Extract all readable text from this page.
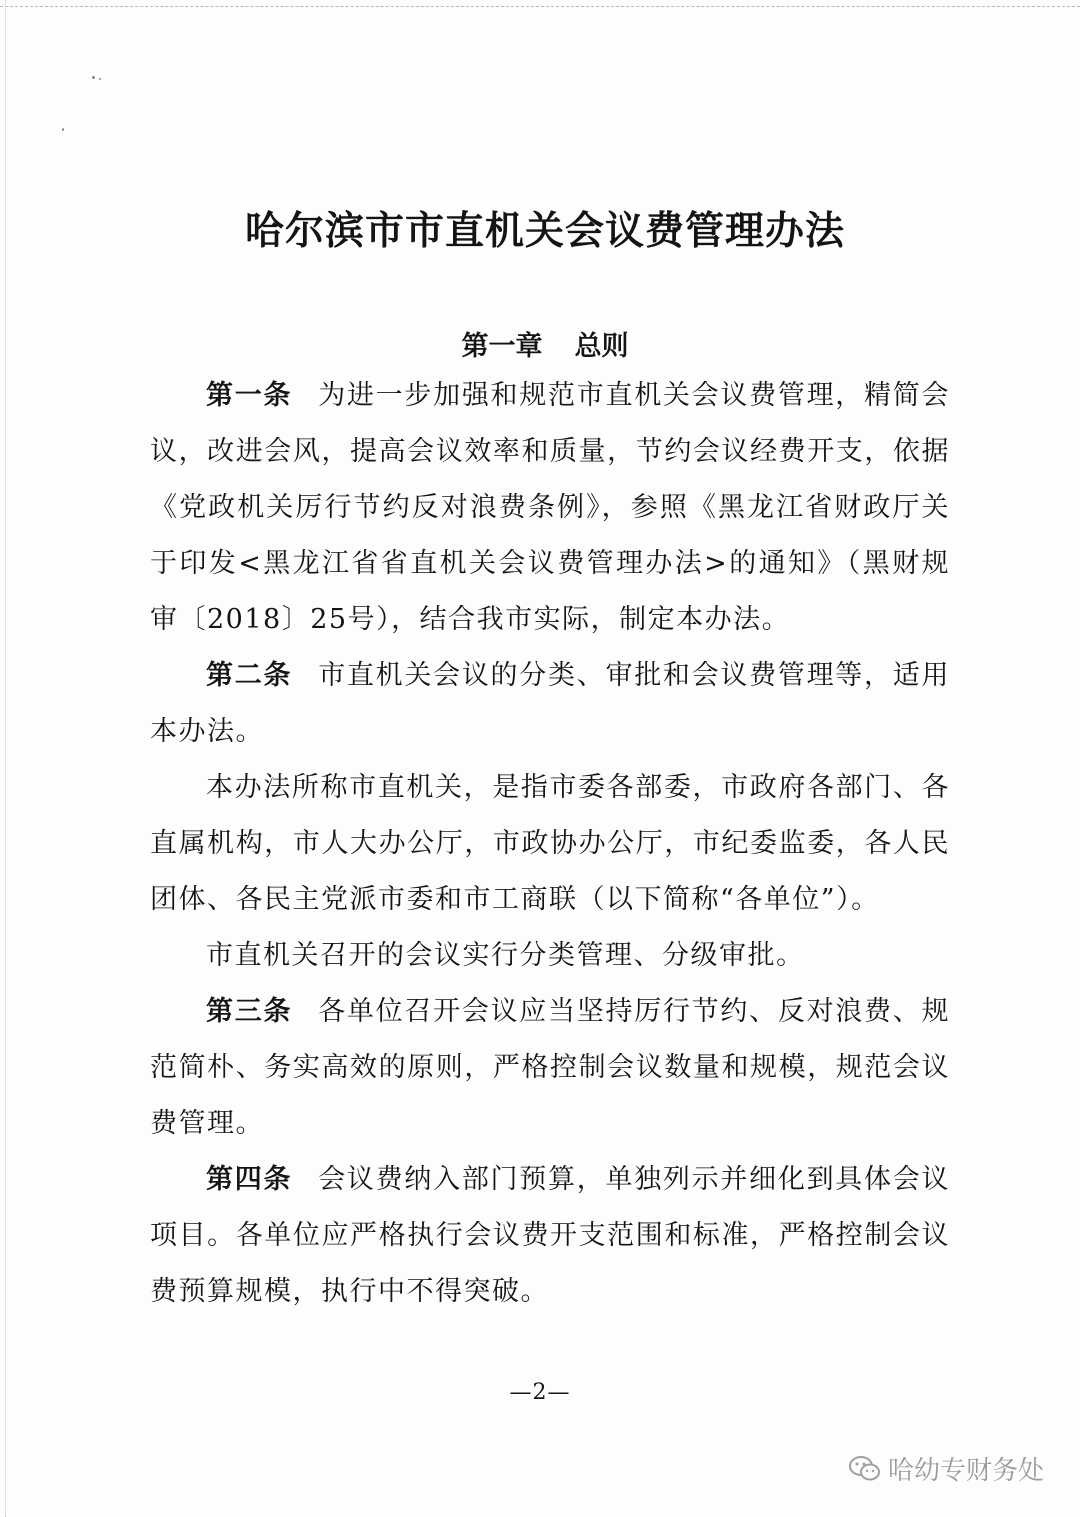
哈尔滨市市直机关会议费管理办法
第一章 总则

第一条 为进一步加强和规范市直机关会议费管理，精简会议，改进会风，提高会议效率和质量，节约会议经费开支，依据《党政机关厉行节约反对浪费条例》，参照《黑龙江省财政厅关于印发<黑龙江省省直机关会议费管理办法>的通知》（黑财规审〔2018〕25号），结合我市实际，制定本办法。

第二条 市直机关会议的分类、审批和会议费管理等，适用本办法。

本办法所称市直机关，是指市委各部委，市政府各部门、各直属机构，市人大办公厅，市政协办公厅，市纪委监委，各人民团体、各民主党派市委和市工商联（以下简称“各单位”）。

市直机关召开的会议实行分类管理、分级审批。

第三条 各单位召开会议应当坚持厉行节约、反对浪费、规范简朴、务实高效的原则，严格控制会议数量和规模，规范会议费管理。

第四条 会议费纳入部门预算，单独列示并细化到具体会议项目。各单位应严格执行会议费开支范围和标准，严格控制会议费预算规模，执行中不得突破。

—2—
哈幼专财务处
